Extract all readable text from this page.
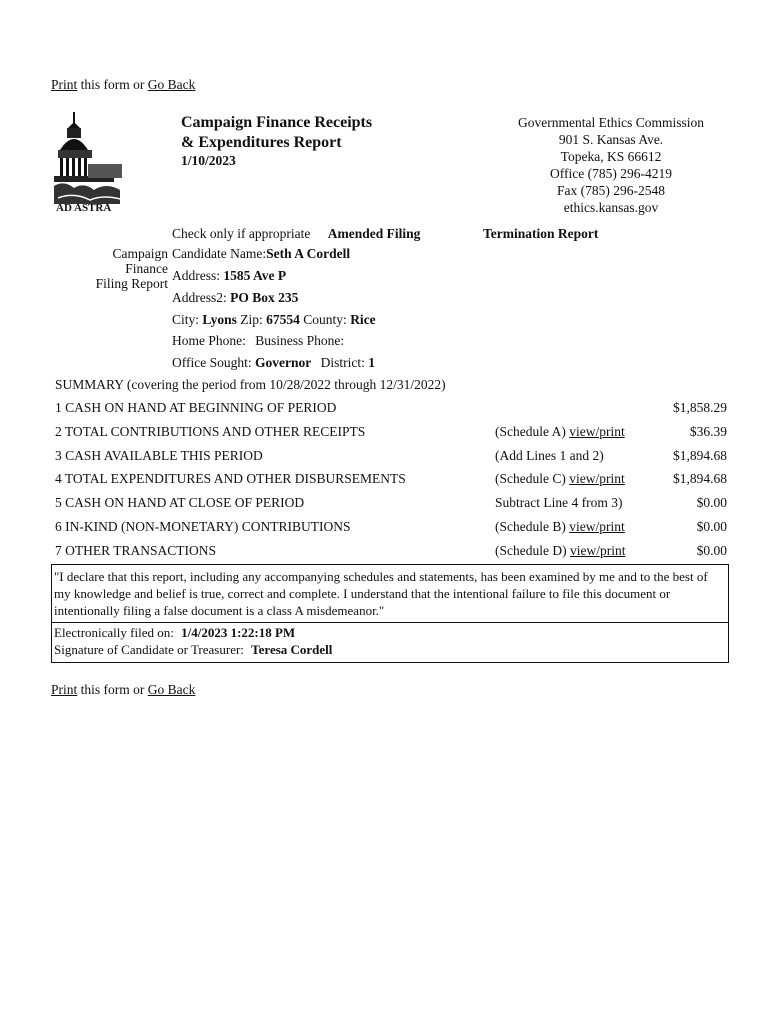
Print this form or Go Back
AD ASTRA
Campaign Finance Receipts
& Expenditures Report
1/10/2023
Governmental Ethics Commission
901 S. Kansas Ave.
Topeka, KS 66612
Office (785) 296-4219
Fax (785) 296-2548
ethics.kansas.gov
Check only if appropriate Amended Filing	Termination Report
Campaign
Finance
Filing Report
Candidate Name:Seth A Cordell
Address: 1585 Ave P
Address2: PO Box 235
City: Lyons Zip: 67554 County: Rice
Home Phone: Business Phone:
Office Sought: Governor District: 1
SUMMARY (covering the period from 10/28/2022 through 12/31/2022)
1 CASH ON HAND AT BEGINNING OF PERIOD	$1,858.29
2 TOTAL CONTRIBUTIONS AND OTHER RECEIPTS	(Schedule A) view/print	$36.39
3 CASH AVAILABLE THIS PERIOD	(Add Lines 1 and 2)	$1,894.68
4 TOTAL EXPENDITURES AND OTHER DISBURSEMENTS	(Schedule C) view/print	$1,894.68
5 CASH ON HAND AT CLOSE OF PERIOD	Subtract Line 4 from 3)	$0.00
6 IN-KIND (NON-MONETARY) CONTRIBUTIONS	(Schedule B) view/print	$0.00
7 OTHER TRANSACTIONS	(Schedule D) view/print	$0.00
"I declare that this report, including any accompanying schedules and statements, has been examined by me and to the best of my knowledge and belief is true, correct and complete. I understand that the intentional failure to file this document or intentionally filing a false document is a class A misdemeanor."
Electronically filed on: 1/4/2023 1:22:18 PM
Signature of Candidate or Treasurer: Teresa Cordell
Print this form or Go Back
